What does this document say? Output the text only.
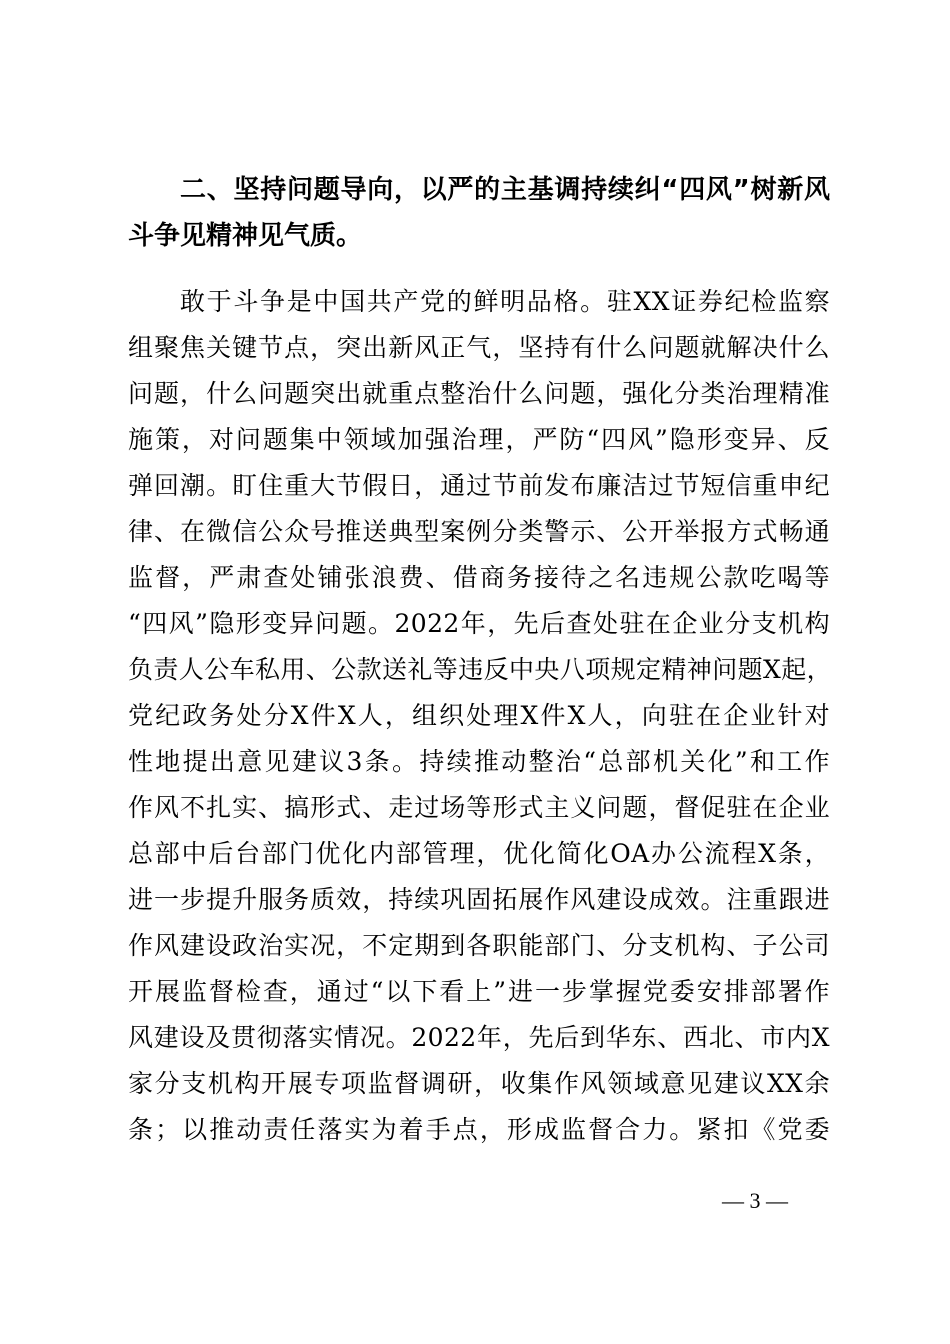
二、坚持问题导向，以严的主基调持续纠“四风”树新风
斗争见精神见气质。
敢于斗争是中国共产党的鲜明品格。驻XX证券纪检监察
组聚焦关键节点，突出新风正气，坚持有什么问题就解决什么
问题，什么问题突出就重点整治什么问题，强化分类治理精准
施策，对问题集中领域加强治理，严防“四风”隐形变异、反
弹回潮。盯住重大节假日，通过节前发布廉洁过节短信重申纪
律、在微信公众号推送典型案例分类警示、公开举报方式畅通
监督，严肃查处铺张浪费、借商务接待之名违规公款吃喝等
“四风”隐形变异问题。2022年，先后查处驻在企业分支机构
负责人公车私用、公款送礼等违反中央八项规定精神问题X起，
党纪政务处分X件X人，组织处理X件X人，向驻在企业针对
性地提出意见建议3条。持续推动整治“总部机关化”和工作
作风不扎实、搞形式、走过场等形式主义问题，督促驻在企业
总部中后台部门优化内部管理，优化简化OA办公流程X条，
进一步提升服务质效，持续巩固拓展作风建设成效。注重跟进
作风建设政治实况，不定期到各职能部门、分支机构、子公司
开展监督检查，通过“以下看上”进一步掌握党委安排部署作
风建设及贯彻落实情况。2022年，先后到华东、西北、市内X
家分支机构开展专项监督调研，收集作风领域意见建议XX余
条；以推动责任落实为着手点，形成监督合力。紧扣《党委
— 3 —
